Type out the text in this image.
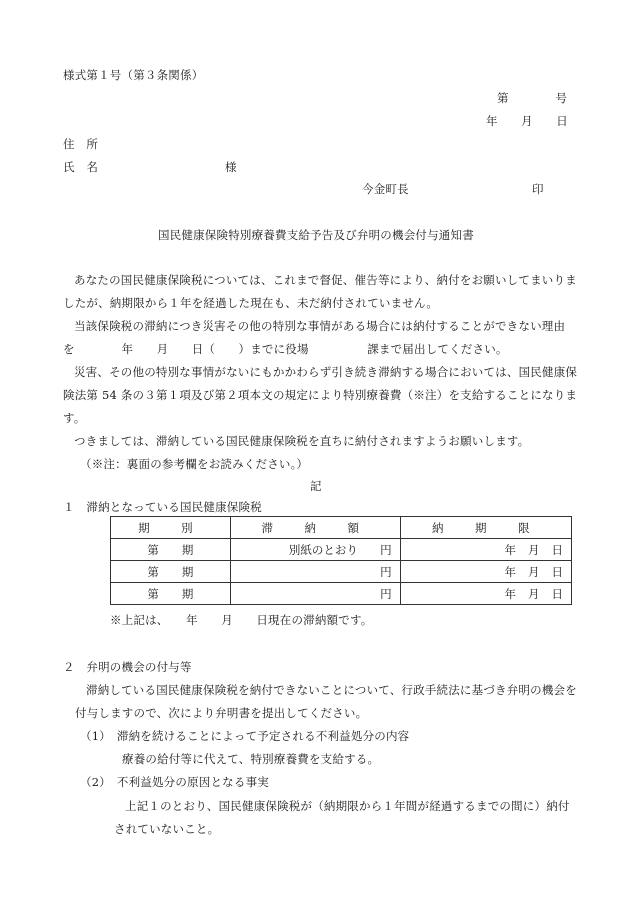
様式第１号（第３条関係）
第　　　　号
年　　月　　日
住　所
氏　名	様
今金町長	印
国民健康保険特別療養費支給予告及び弁明の機会付与通知書
あなたの国民健康保険税については、これまで督促、催告等により、納付をお願いしてまいりま
したが、納期限から１年を経過した現在も、未だ納付されていません。
当該保険税の滞納につき災害その他の特別な事情がある場合には納付することができない理由
を　　　　年　　月　　日（　　）までに役場　　　　　課まで届出してください。
災害、その他の特別な事情がないにもかかわらず引き続き滞納する場合においては、国民健康保
険法第 54 条の３第１項及び第２項本文の規定により特別療養費（※注）を支給することになりま
す。
つきましては、滞納している国民健康保険税を直ちに納付されますようお願いします。
（※注：裏面の参考欄をお読みください。）
記
１　滞納となっている国民健康保険税
期　別	滞　納　額	納　期　限
第　　期	別紙のとおり 円	年 月 日

第　　期	円	年 月 日

第　　期	円	年 月 日
※上記は、　　年　　月　　日現在の滞納額です。
２　弁明の機会の付与等
滞納している国民健康保険税を納付できないことについて、行政手続法に基づき弁明の機会を
付与しますので、次により弁明書を提出してください。
（1）　滞納を続けることによって予定される不利益処分の内容
療養の給付等に代えて、特別療養費を支給する。
（2）　不利益処分の原因となる事実
上記１のとおり、国民健康保険税が（納期限から１年間が経過するまでの間に）納付
されていないこと。
